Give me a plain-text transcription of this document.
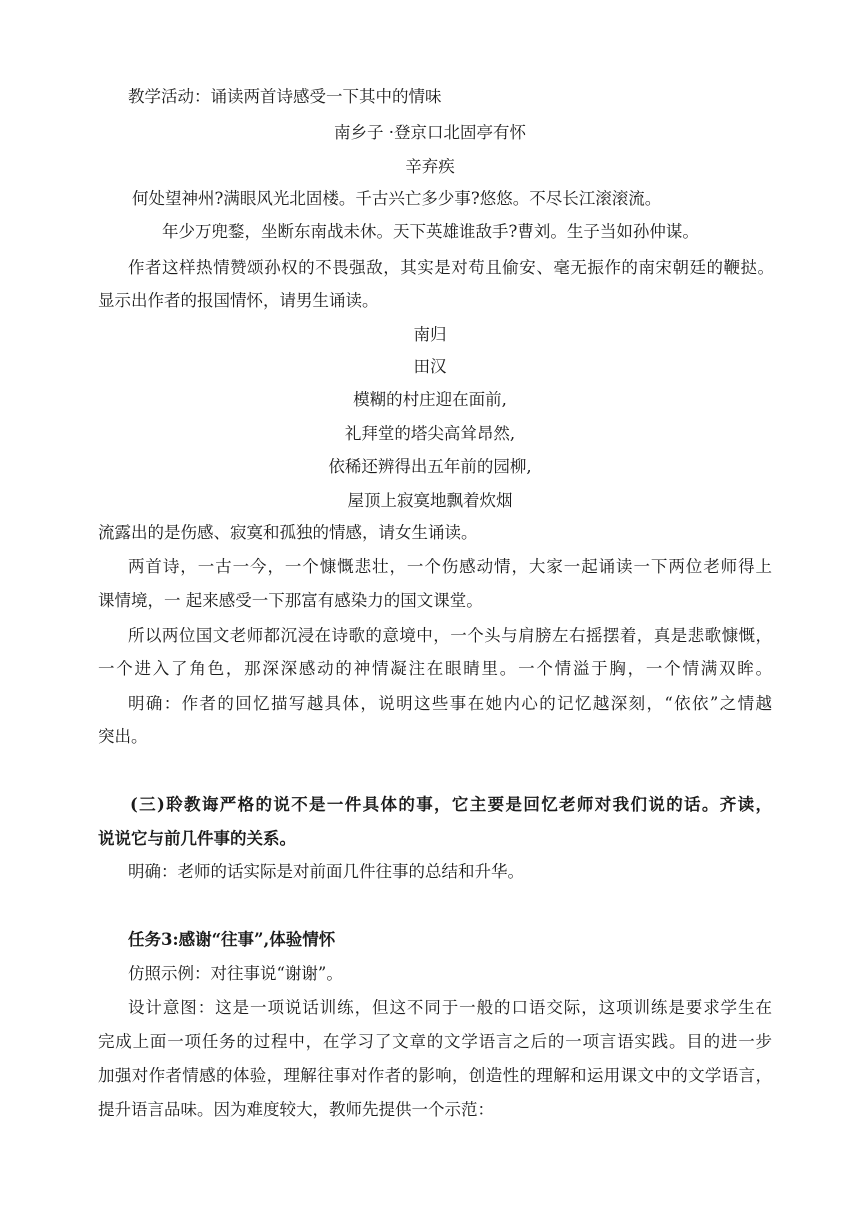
教学活动：诵读两首诗感受一下其中的情味
南乡子 ·登京口北固亭有怀
辛弃疾
何处望神州?满眼风光北固楼。千古兴亡多少事?悠悠。不尽长江滚滚流。
年少万兜鍪，坐断东南战未休。天下英雄谁敌手?曹刘。生子当如孙仲谋。
作者这样热情赞颂孙权的不畏强敌，其实是对苟且偷安、毫无振作的南宋朝廷的鞭挞。
显示出作者的报国情怀，请男生诵读。
南归
田汉
模糊的村庄迎在面前,
礼拜堂的塔尖高耸昂然,
依稀还辨得出五年前的园柳,
屋顶上寂寞地飘着炊烟
流露出的是伤感、寂寞和孤独的情感，请女生诵读。
两首诗，一古一今，一个慷慨悲壮，一个伤感动情，大家一起诵读一下两位老师得上
课情境，一 起来感受一下那富有感染力的国文课堂。
所以两位国文老师都沉浸在诗歌的意境中，一个头与肩膀左右摇摆着，真是悲歌慷慨，
一个进入了角色，那深深感动的神情凝注在眼睛里。一个情溢于胸，一个情满双眸。
明确：作者的回忆描写越具体，说明这些事在她内心的记忆越深刻，“依依”之情越
突出。
(三)聆教诲严格的说不是一件具体的事，它主要是回忆老师对我们说的话。齐读，
说说它与前几件事的关系。
明确：老师的话实际是对前面几件往事的总结和升华。
任务3:感谢“往事”,体验情怀
仿照示例：对往事说“谢谢”。
设计意图：这是一项说话训练，但这不同于一般的口语交际，这项训练是要求学生在
完成上面一项任务的过程中，在学习了文章的文学语言之后的一项言语实践。目的进一步
加强对作者情感的体验，理解往事对作者的影响，创造性的理解和运用课文中的文学语言，
提升语言品味。因为难度较大，教师先提供一个示范：
